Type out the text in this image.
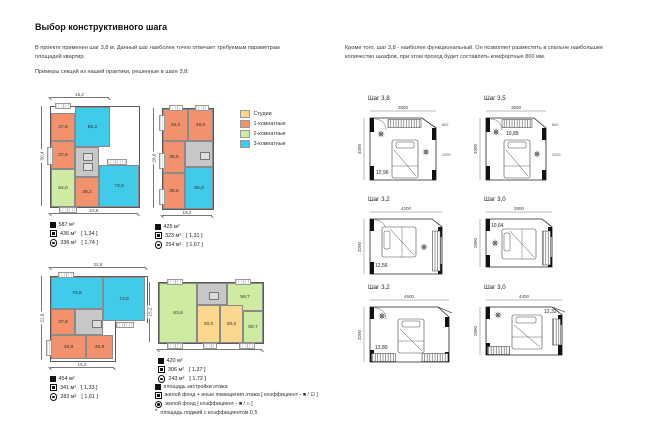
Выбор конструктивного шага
В проекте применен шаг 3,8 м. Данный шаг наиболее точно отвечает требуемым параметрам площадей квартир.
Примеры секций из нашей практики, решенные в шаге 3,8:
Кроме того, шаг 3,8 - наиболее функциональный. Он позволяет разместить в спальне наибольшее количество шкафов, при этом проход будет составлять комфортные 800 мм.
Студии
1-комнатные
2-комнатные
3-комнатные
15,2
30,4
22,8
85,2
37,8
37,8
64,0
38,2
73,0
587 м²
436 м² [ 1,34 ]
336 м² [ 1,74 ]
26,6
15,2
46,0	46,0
38,5
38,5
85,0
425 м²
323 м² [ 1,31 ]
254 м² [ 1,67 ]
22,8
22,8
15,2
76,8
73,8
37,6
45,9	45,9
454 м²
341 м² [ 1,33 ]
282 м² [ 1,61 ]
15,2	63,6
59,7
30,0	30,0
59,7
420 м²
306 м² [ 1,37 ]
243 м² [ 1,72 ]
Шаг 3,8
3800
3300
12,96
800
2200
Шаг 3,5
3500
3300
10,89
800
2200
Шаг 3,2
4200
3200
12,56
Шаг 3,0
3800
2800
10,64
Шаг 3,2
4600
3200
13,80
Шаг 3,0
4400
2800
12,32
площадь застройки этажа
жилой фонд + иные помещения этажа [ коэффициент - ■ / ⊡ ]
жилой фонд [ коэффициент - ■ / ⌂ ]
* площадь лоджий с коэффициентом 0,5
